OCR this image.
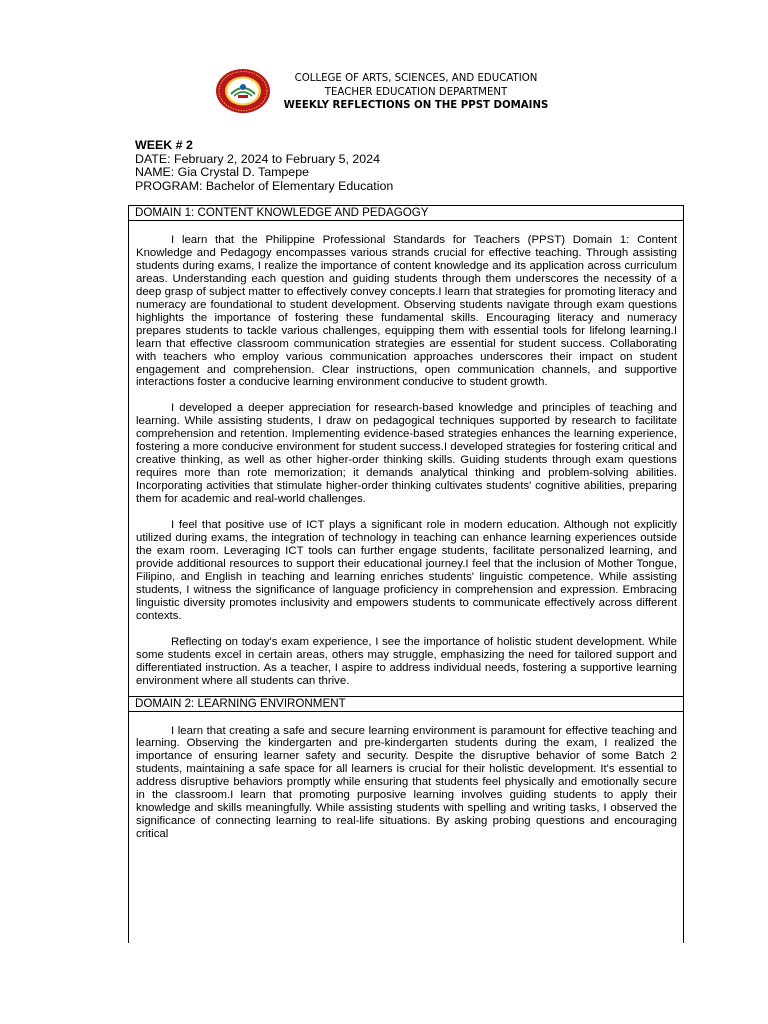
COLLEGE OF ARTS, SCIENCES, AND EDUCATION
TEACHER EDUCATION DEPARTMENT
WEEKLY REFLECTIONS ON THE PPST DOMAINS
WEEK # 2
DATE: February 2, 2024 to February 5, 2024
NAME: Gia Crystal D. Tampepe
PROGRAM: Bachelor of Elementary Education
DOMAIN 1: CONTENT KNOWLEDGE AND PEDAGOGY

I learn that the Philippine Professional Standards for Teachers (PPST) Domain 1: Content Knowledge and Pedagogy encompasses various strands crucial for effective teaching. Through assisting students during exams, I realize the importance of content knowledge and its application across curriculum areas. Understanding each question and guiding students through them underscores the necessity of a deep grasp of subject matter to effectively convey concepts.I learn that strategies for promoting literacy and numeracy are foundational to student development. Observing students navigate through exam questions highlights the importance of fostering these fundamental skills. Encouraging literacy and numeracy prepares students to tackle various challenges, equipping them with essential tools for lifelong learning.I learn that effective classroom communication strategies are essential for student success. Collaborating with teachers who employ various communication approaches underscores their impact on student engagement and comprehension. Clear instructions, open communication channels, and supportive interactions foster a conducive learning environment conducive to student growth.

I developed a deeper appreciation for research-based knowledge and principles of teaching and learning. While assisting students, I draw on pedagogical techniques supported by research to facilitate comprehension and retention. Implementing evidence-based strategies enhances the learning experience, fostering a more conducive environment for student success.I developed strategies for fostering critical and creative thinking, as well as other higher-order thinking skills. Guiding students through exam questions requires more than rote memorization; it demands analytical thinking and problem-solving abilities. Incorporating activities that stimulate higher-order thinking cultivates students' cognitive abilities, preparing them for academic and real-world challenges.

I feel that positive use of ICT plays a significant role in modern education. Although not explicitly utilized during exams, the integration of technology in teaching can enhance learning experiences outside the exam room. Leveraging ICT tools can further engage students, facilitate personalized learning, and provide additional resources to support their educational journey.I feel that the inclusion of Mother Tongue, Filipino, and English in teaching and learning enriches students' linguistic competence. While assisting students, I witness the significance of language proficiency in comprehension and expression. Embracing linguistic diversity promotes inclusivity and empowers students to communicate effectively across different contexts.

Reflecting on today's exam experience, I see the importance of holistic student development. While some students excel in certain areas, others may struggle, emphasizing the need for tailored support and differentiated instruction. As a teacher, I aspire to address individual needs, fostering a supportive learning environment where all students can thrive.

DOMAIN 2: LEARNING ENVIRONMENT

I learn that creating a safe and secure learning environment is paramount for effective teaching and learning. Observing the kindergarten and pre-kindergarten students during the exam, I realized the importance of ensuring learner safety and security. Despite the disruptive behavior of some Batch 2 students, maintaining a safe space for all learners is crucial for their holistic development. It's essential to address disruptive behaviors promptly while ensuring that students feel physically and emotionally secure in the classroom.I learn that promoting purposive learning involves guiding students to apply their knowledge and skills meaningfully. While assisting students with spelling and writing tasks, I observed the significance of connecting learning to real-life situations. By asking probing questions and encouraging critical
